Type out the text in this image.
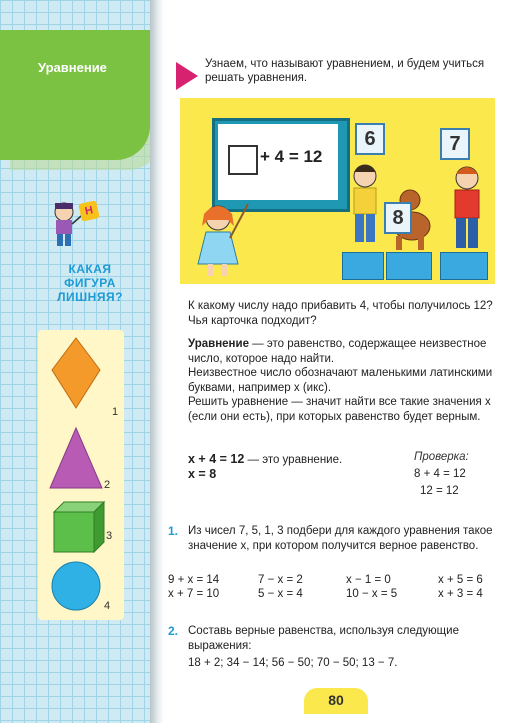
Уравнение
Н
КАКАЯ
ФИГУРА
ЛИШНЯЯ?
1
2
3
4
Узнаем, что называют уравнением, и будем учиться решать уравнения.
+ 4 = 12
6
8
7
К какому числу надо прибавить 4, чтобы получилось 12? Чья карточка подходит?
Уравнение — это равенство, содержащее неизвестное число, которое надо найти.
Неизвестное число обозначают маленькими латинскими буквами, например x (икс).
Решить уравнение — значит найти все такие значения x (если они есть), при которых равенство будет верным.
x + 4 = 12 — это уравнение.
x = 8
Проверка:
8 + 4 = 12
12 = 12
1. Из чисел 7, 5, 1, 3 подбери для каждого уравнения такое значение x, при котором получится верное равенство.
9 + x = 14	7 − x = 2	x − 1 = 0	x + 5 = 6
x + 7 = 10	5 − x = 4	10 − x = 5	x + 3 = 4
2. Составь верные равенства, используя следующие выражения:
18 + 2; 34 − 14; 56 − 50; 70 − 50; 13 − 7.
80
